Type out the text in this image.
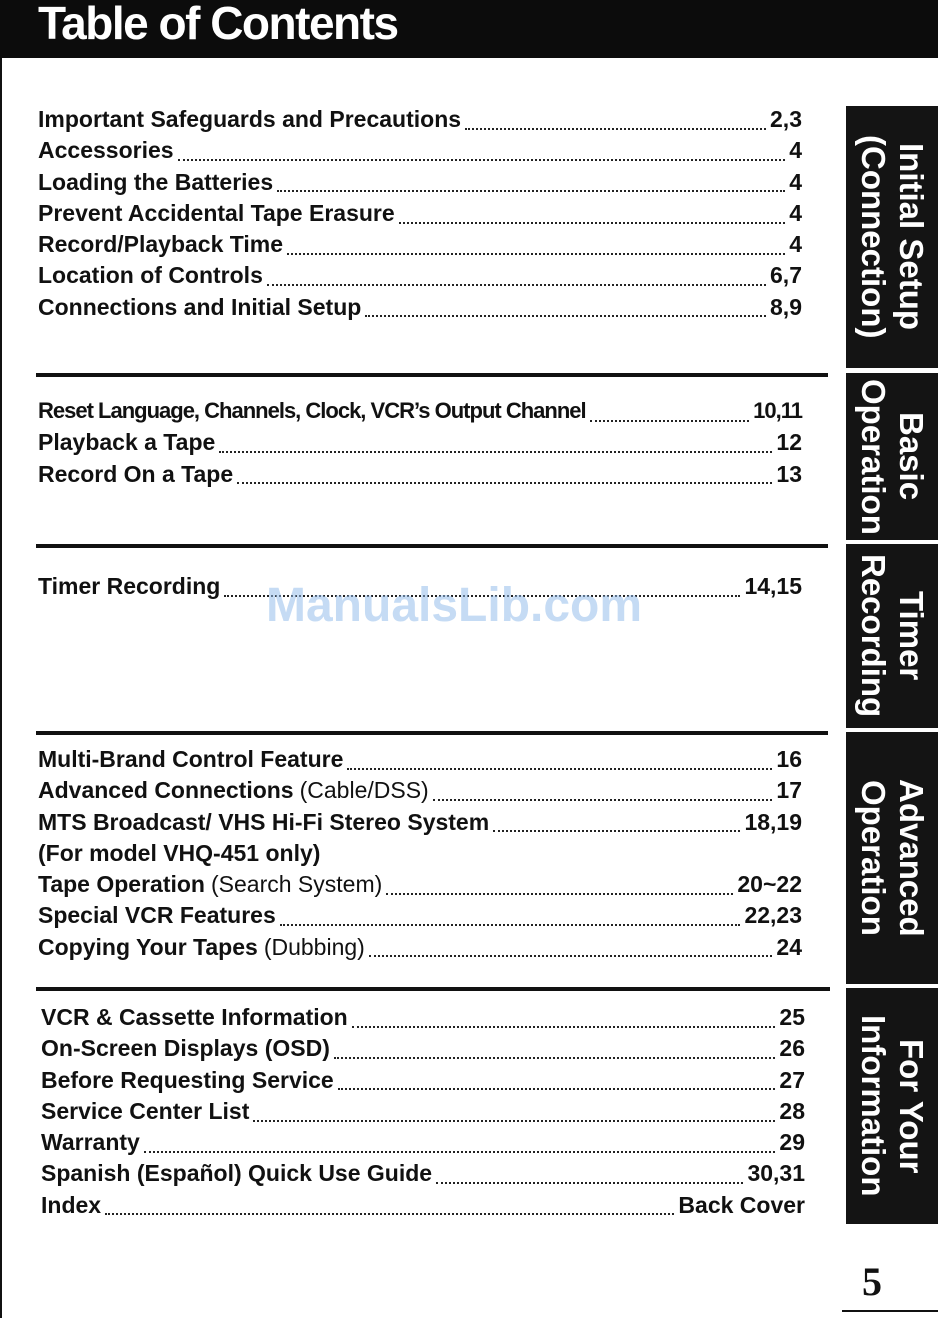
Table of Contents
Important Safeguards and Precautions	2,3
Accessories	4
Loading the Batteries	4
Prevent Accidental Tape Erasure	4
Record/Playback Time	4
Location of Controls	6,7
Connections and Initial Setup	8,9
Reset Language, Channels, Clock, VCR’s Output Channel	10,11
Playback a Tape	12
Record On a Tape	13
Timer Recording	14,15
ManualsLib.com
Multi-Brand Control Feature	16
Advanced Connections (Cable/DSS)	17
MTS Broadcast/ VHS Hi-Fi Stereo System	18,19
(For model VHQ-451 only)
Tape Operation (Search System)	20~22
Special VCR Features	22,23
Copying Your Tapes (Dubbing)	24
VCR & Cassette Information	25
On-Screen Displays (OSD)	26
Before Requesting Service	27
Service Center List	28
Warranty	29
Spanish (Español) Quick Use Guide	30,31
Index	Back Cover
Initial Setup
(Connection)
Basic
Operation
Timer
Recording
Advanced
Operation
For Your
Information
5
